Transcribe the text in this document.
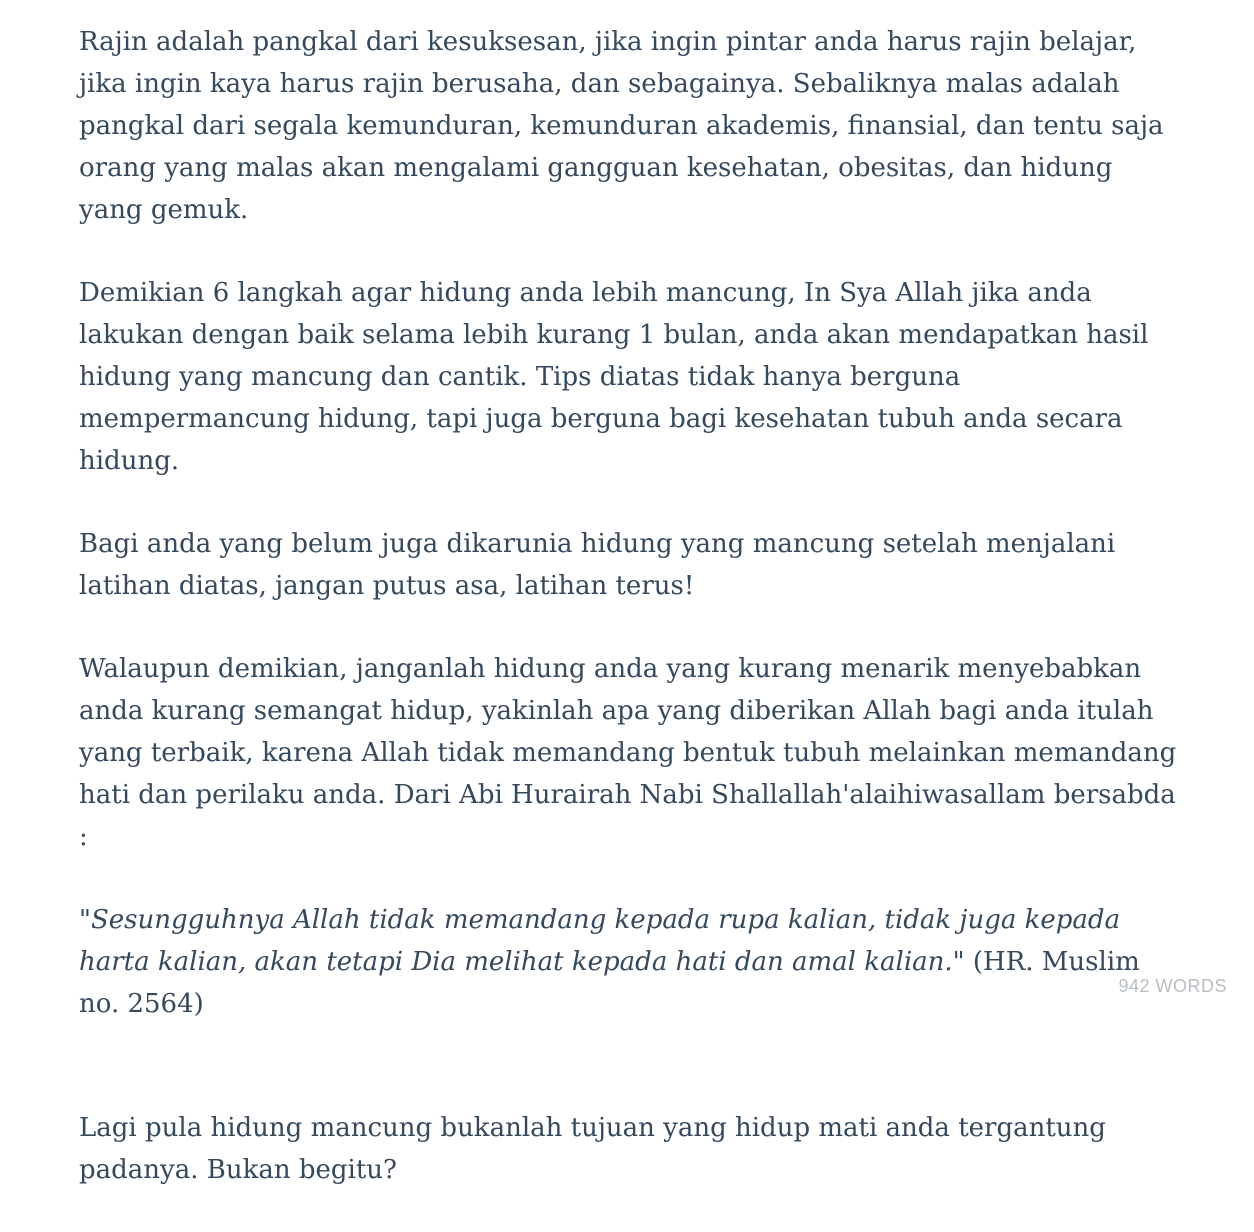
Rajin adalah pangkal dari kesuksesan, jika ingin pintar anda harus rajin belajar, jika ingin kaya harus rajin berusaha, dan sebagainya. Sebaliknya malas adalah pangkal dari segala kemunduran, kemunduran akademis, finansial, dan tentu saja orang yang malas akan mengalami gangguan kesehatan, obesitas, dan hidung yang gemuk.

Demikian 6 langkah agar hidung anda lebih mancung, In Sya Allah jika anda lakukan dengan baik selama lebih kurang 1 bulan, anda akan mendapatkan hasil hidung yang mancung dan cantik. Tips diatas tidak hanya berguna mempermancung hidung, tapi juga berguna bagi kesehatan tubuh anda secara hidung.

Bagi anda yang belum juga dikarunia hidung yang mancung setelah menjalani latihan diatas, jangan putus asa, latihan terus!

Walaupun demikian, janganlah hidung anda yang kurang menarik menyebabkan anda kurang semangat hidup, yakinlah apa yang diberikan Allah bagi anda itulah yang terbaik, karena Allah tidak memandang bentuk tubuh melainkan memandang hati dan perilaku anda. Dari Abi Hurairah Nabi Shallallah'alaihiwasallam bersabda :

"Sesungguhnya Allah tidak memandang kepada rupa kalian, tidak juga kepada harta kalian, akan tetapi Dia melihat kepada hati dan amal kalian." (HR. Muslim no. 2564)

Lagi pula hidung mancung bukanlah tujuan yang hidup mati anda tergantung padanya. Bukan begitu?

942 WORDS
